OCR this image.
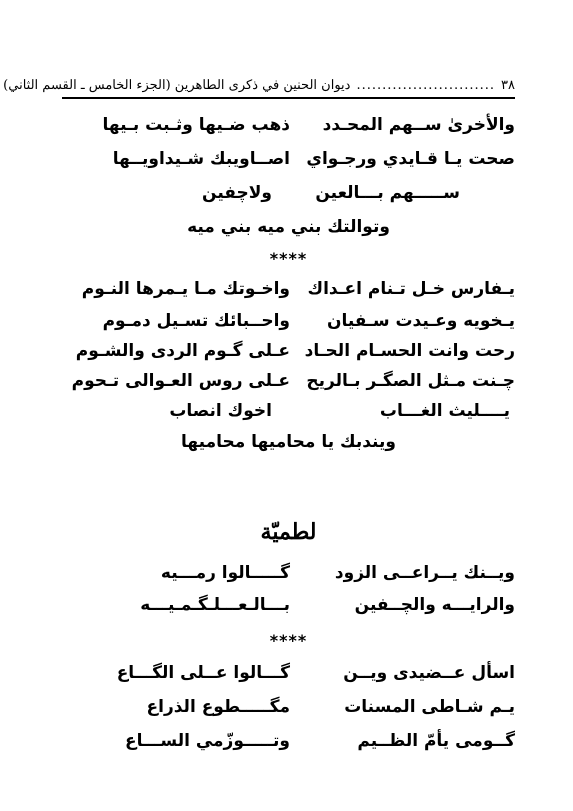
٣٨
...........................
ديوان الحنين في ذكرى الطاهرين (الجزء الخامس ـ القسم الثاني)
والأخرىٰ ســهم المحـدد
ذهب ضـيها وثـبت بـيها
صحت يـا قـايدي ورجـواي
اصــاويبك شـيداويــها
ســـــهم بـــالعين
ولاچفين
وتوالتك بني ميه بني ميه
****
يـفارس خـل تـنام اعـداك
واخـوتك مـا يـمرها النـوم
يـخويه وعـيدت سـفيان
واحــبائك تسـيل دمـوم
رحت وانت الحسـام الحـاد
عـلى گـوم الردى والشـوم
چـنت مـثل الصگـر بـالريح
عـلى روس العـوالى تـحوم
يــــليث الغـــاب
اخوك انصاب
ويندبك يا محاميها محاميها
لطميّة
ويــنك يــراعــى الزود
گـــــالوا رمـــيه
والرايـــه والچــفين
بـــالـعـــلـگـمـيـــه
****
اسأل عــضيدى ويــن
گـــالوا عــلى الگـــاع
يـم شـاطى المسنات
مگـــــطوع الذراع
گــومى يأمّ الظــيم
وتـــــوزّمي الســـاع
